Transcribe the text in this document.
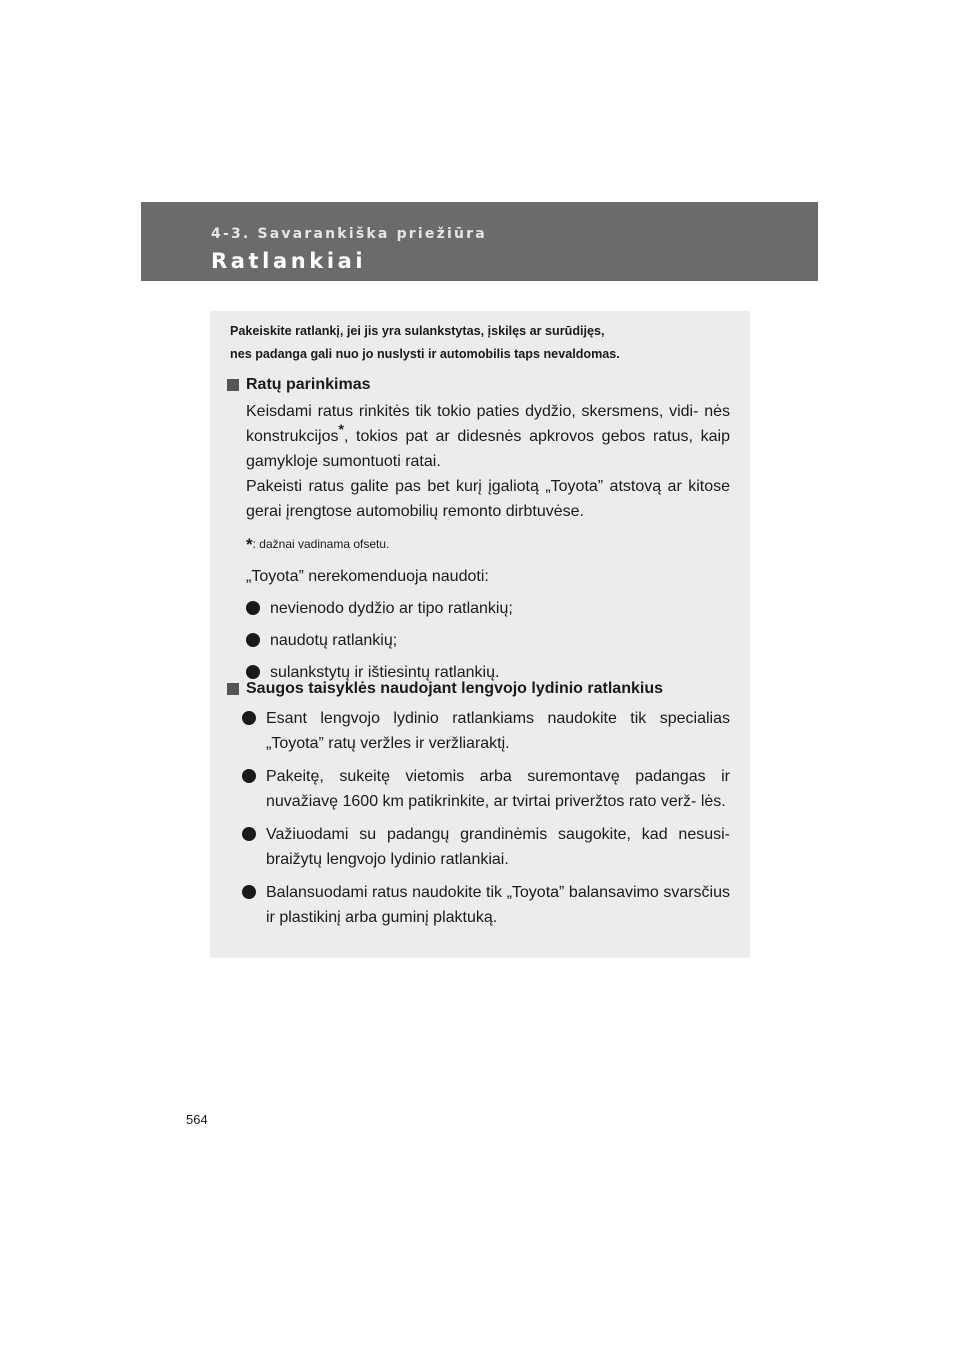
4-3. Savarankiška priežiūra
Ratlankiai
Pakeiskite ratlankį, jei jis yra sulankstytas, įskilęs ar surūdijęs,
nes padanga gali nuo jo nuslysti ir automobilis taps nevaldomas.
Ratų parinkimas
Keisdami ratus rinkitės tik tokio paties dydžio, skersmens, vidi- nės konstrukcijos*, tokios pat ar didesnės apkrovos gebos ratus, kaip gamykloje sumontuoti ratai.
Pakeisti ratus galite pas bet kurį įgaliotą „Toyota” atstovą ar kitose gerai įrengtose automobilių remonto dirbtuvėse.
*: dažnai vadinama ofsetu.
„Toyota” nerekomenduoja naudoti:
nevienodo dydžio ar tipo ratlankių;
naudotų ratlankių;
sulankstytų ir ištiesintų ratlankių.
Saugos taisyklės naudojant lengvojo lydinio ratlankius
Esant lengvojo lydinio ratlankiams naudokite tik specialias „Toyota” ratų veržles ir veržliaraktį.
Pakeitę, sukeitę vietomis arba suremontavę padangas ir nuvažiavę 1600 km patikrinkite, ar tvirtai priveržtos rato verž- lės.
Važiuodami su padangų grandinėmis saugokite, kad nesusi- braižytų lengvojo lydinio ratlankiai.
Balansuodami ratus naudokite tik „Toyota” balansavimo svarsčius ir plastikinį arba guminį plaktuką.
564
